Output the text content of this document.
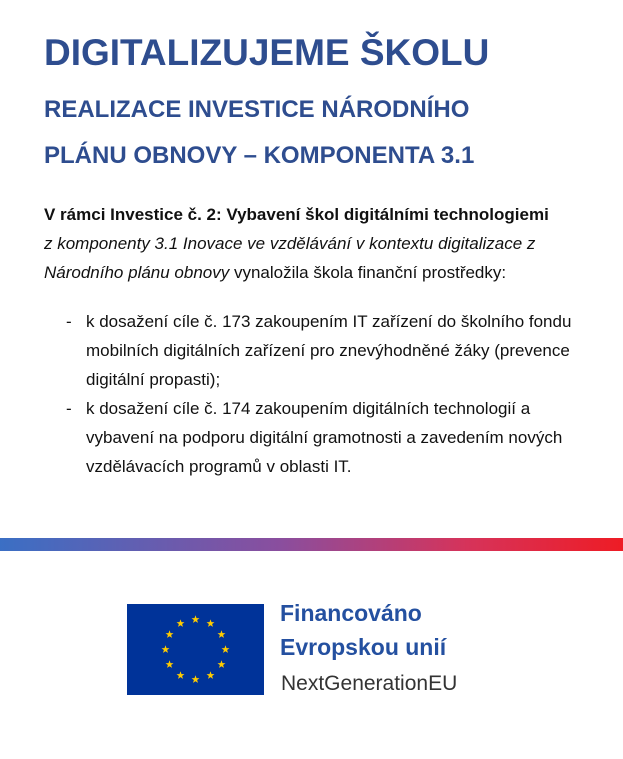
DIGITALIZUJEME ŠKOLU
REALIZACE INVESTICE NÁRODNÍHO
PLÁNU OBNOVY – KOMPONENTA 3.1
V rámci Investice č. 2: Vybavení škol digitálními technologiemi
z komponenty 3.1 Inovace ve vzdělávání v kontextu digitalizace z Národního plánu obnovy vynaložila škola finanční prostředky:
- k dosažení cíle č. 173 zakoupením IT zařízení do školního fondu mobilních digitálních zařízení pro znevýhodněné žáky (prevence digitální propasti);
- k dosažení cíle č. 174 zakoupením digitálních technologií a vybavení na podporu digitální gramotnosti a zavedením nových vzdělávacích programů v oblasti IT.
Financováno
Evropskou unií
NextGenerationEU
